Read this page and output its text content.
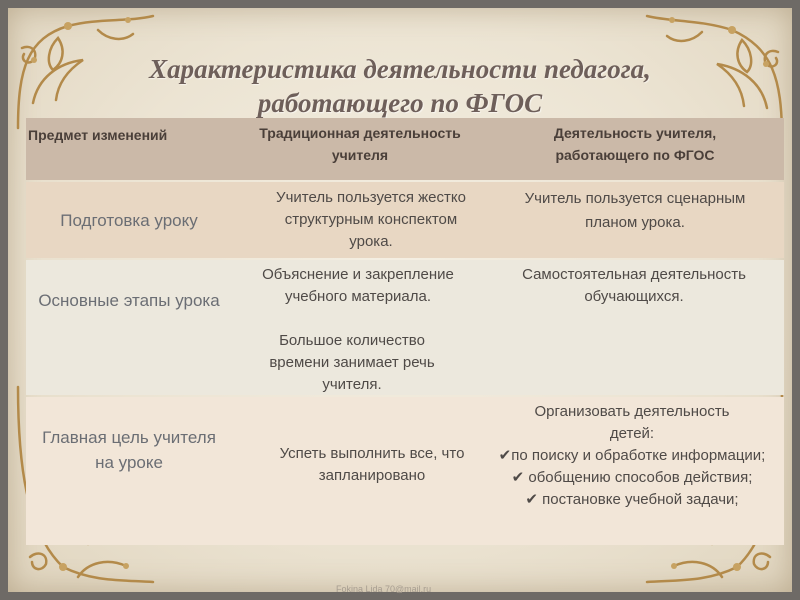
Характеристика деятельности педагога,
работающего по ФГОС
Предмет изменений	Традиционная деятельность учителя
Деятельность учителя, работающего по ФГОС
Подготовка уроку
Учитель пользуется жестко структурным конспектом урока.
Учитель пользуется сценарным планом урока.
Основные этапы урока
Объяснение и закрепление учебного материала.
Большое количество времени занимает речь учителя.
Самостоятельная деятельность обучающихся.
Главная цель учителя на уроке	Успеть выполнить все, что запланировано
Организовать деятельность детей:
✔по поиску и обработке информации;
✔ обобщению способов действия;
✔ постановке учебной задачи;
Fokina Lida 70@mail.ru
